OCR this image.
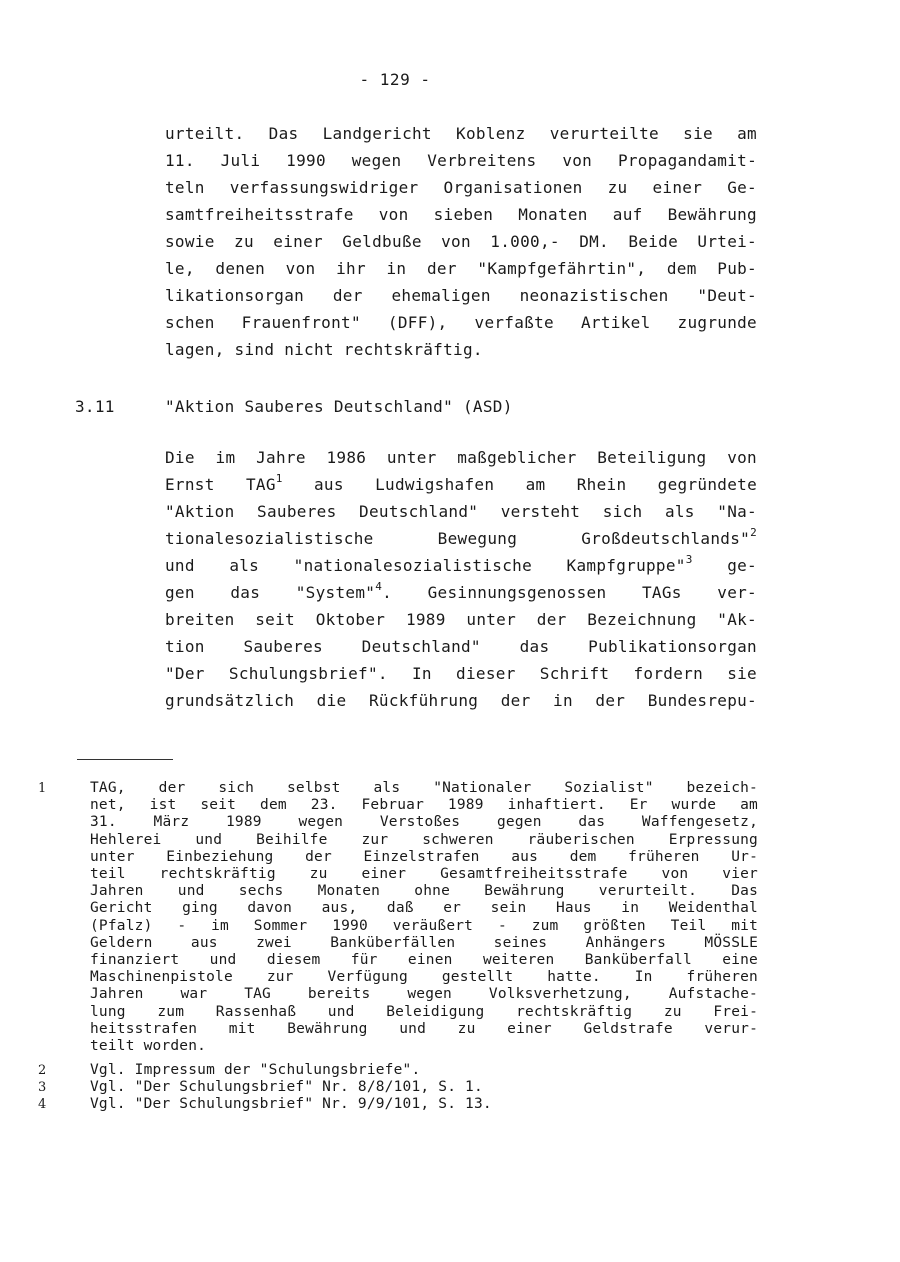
- 129 -
urteilt. Das Landgericht Koblenz verurteilte sie am
11. Juli 1990 wegen Verbreitens von Propagandamit-
teln verfassungswidriger Organisationen zu einer Ge-
samtfreiheitsstrafe von sieben Monaten auf Bewährung
sowie zu einer Geldbuße von 1.000,- DM. Beide Urtei-
le, denen von ihr in der "Kampfgefährtin", dem Pub-
likationsorgan der ehemaligen neonazistischen "Deut-
schen Frauenfront" (DFF), verfaßte Artikel zugrunde
lagen, sind nicht rechtskräftig.
3.11	"Aktion Sauberes Deutschland" (ASD)
Die im Jahre 1986 unter maßgeblicher Beteiligung von
Ernst TAG$^1$ aus Ludwigshafen am Rhein gegründete
"Aktion Sauberes Deutschland" versteht sich als "Na-
tionalesozialistische Bewegung Großdeutschlands"$^2$
und als "nationalesozialistische Kampfgruppe"$^3$ ge-
gen das "System"$^4$. Gesinnungsgenossen TAGs ver-
breiten seit Oktober 1989 unter der Bezeichnung "Ak-
tion Sauberes Deutschland" das Publikationsorgan
"Der Schulungsbrief". In dieser Schrift fordern sie
grundsätzlich die Rückführung der in der Bundesrepu-
1	TAG, der sich selbst als "Nationaler Sozialist" bezeich-
net, ist seit dem 23. Februar 1989 inhaftiert. Er wurde am
31. März 1989 wegen Verstoßes gegen das Waffengesetz,
Hehlerei und Beihilfe zur schweren räuberischen Erpressung
unter Einbeziehung der Einzelstrafen aus dem früheren Ur-
teil rechtskräftig zu einer Gesamtfreiheitsstrafe von vier
Jahren und sechs Monaten ohne Bewährung verurteilt. Das
Gericht ging davon aus, daß er sein Haus in Weidenthal
(Pfalz) - im Sommer 1990 veräußert - zum größten Teil mit
Geldern aus zwei Banküberfällen seines Anhängers MÖSSLE
finanziert und diesem für einen weiteren Banküberfall eine
Maschinenpistole zur Verfügung gestellt hatte. In früheren
Jahren war TAG bereits wegen Volksverhetzung, Aufstache-
lung zum Rassenhaß und Beleidigung rechtskräftig zu Frei-
heitsstrafen mit Bewährung und zu einer Geldstrafe verur-
teilt worden.
2	Vgl. Impressum der "Schulungsbriefe".
3	Vgl. "Der Schulungsbrief" Nr. 8/8/101, S. 1.
4	Vgl. "Der Schulungsbrief" Nr. 9/9/101, S. 13.
